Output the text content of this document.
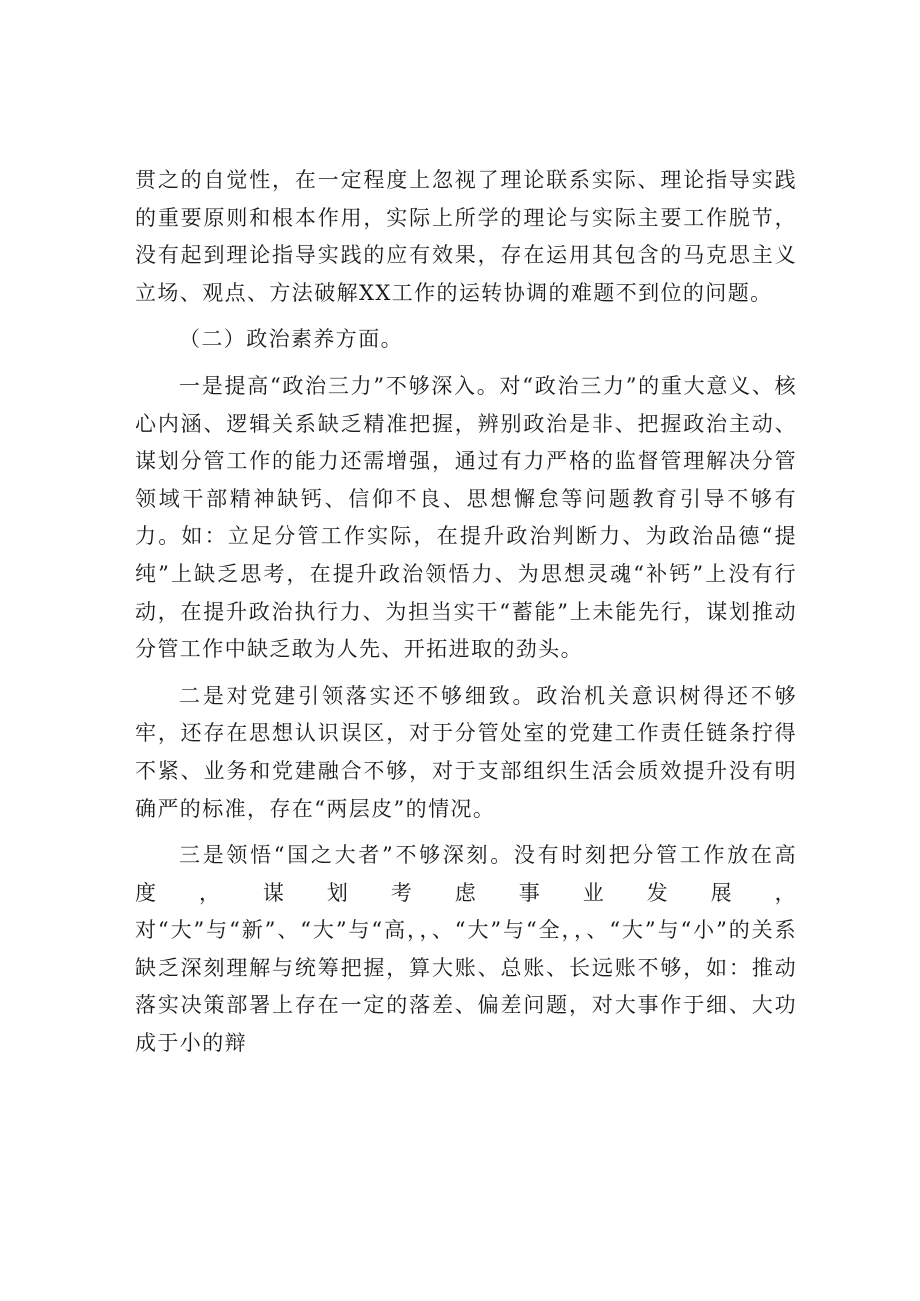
贯之的自觉性，在一定程度上忽视了理论联系实际、理论指导实践的重要原则和根本作用，实际上所学的理论与实际主要工作脱节，没有起到理论指导实践的应有效果，存在运用其包含的马克思主义立场、观点、方法破解XX工作的运转协调的难题不到位的问题。

（二）政治素养方面。

一是提高“政治三力”不够深入。对“政治三力”的重大意义、核心内涵、逻辑关系缺乏精准把握，辨别政治是非、把握政治主动、谋划分管工作的能力还需增强，通过有力严格的监督管理解决分管领域干部精神缺钙、信仰不良、思想懈怠等问题教育引导不够有力。如：立足分管工作实际，在提升政治判断力、为政治品德“提纯”上缺乏思考，在提升政治领悟力、为思想灵魂“补钙”上没有行动，在提升政治执行力、为担当实干“蓄能”上未能先行，谋划推动分管工作中缺乏敢为人先、开拓进取的劲头。

二是对党建引领落实还不够细致。政治机关意识树得还不够牢，还存在思想认识误区，对于分管处室的党建工作责任链条拧得不紧、业务和党建融合不够，对于支部组织生活会质效提升没有明确严的标准，存在“两层皮”的情况。

三是领悟“国之大者”不够深刻。没有时刻把分管工作放在高度，谋划考虑事业发展，对“大”与“新”、“大”与“高，，、“大”与“全，，、“大”与“小”的关系缺乏深刻理解与统筹把握，算大账、总账、长远账不够，如：推动落实决策部署上存在一定的落差、偏差问题，对大事作于细、大功成于小的辩
